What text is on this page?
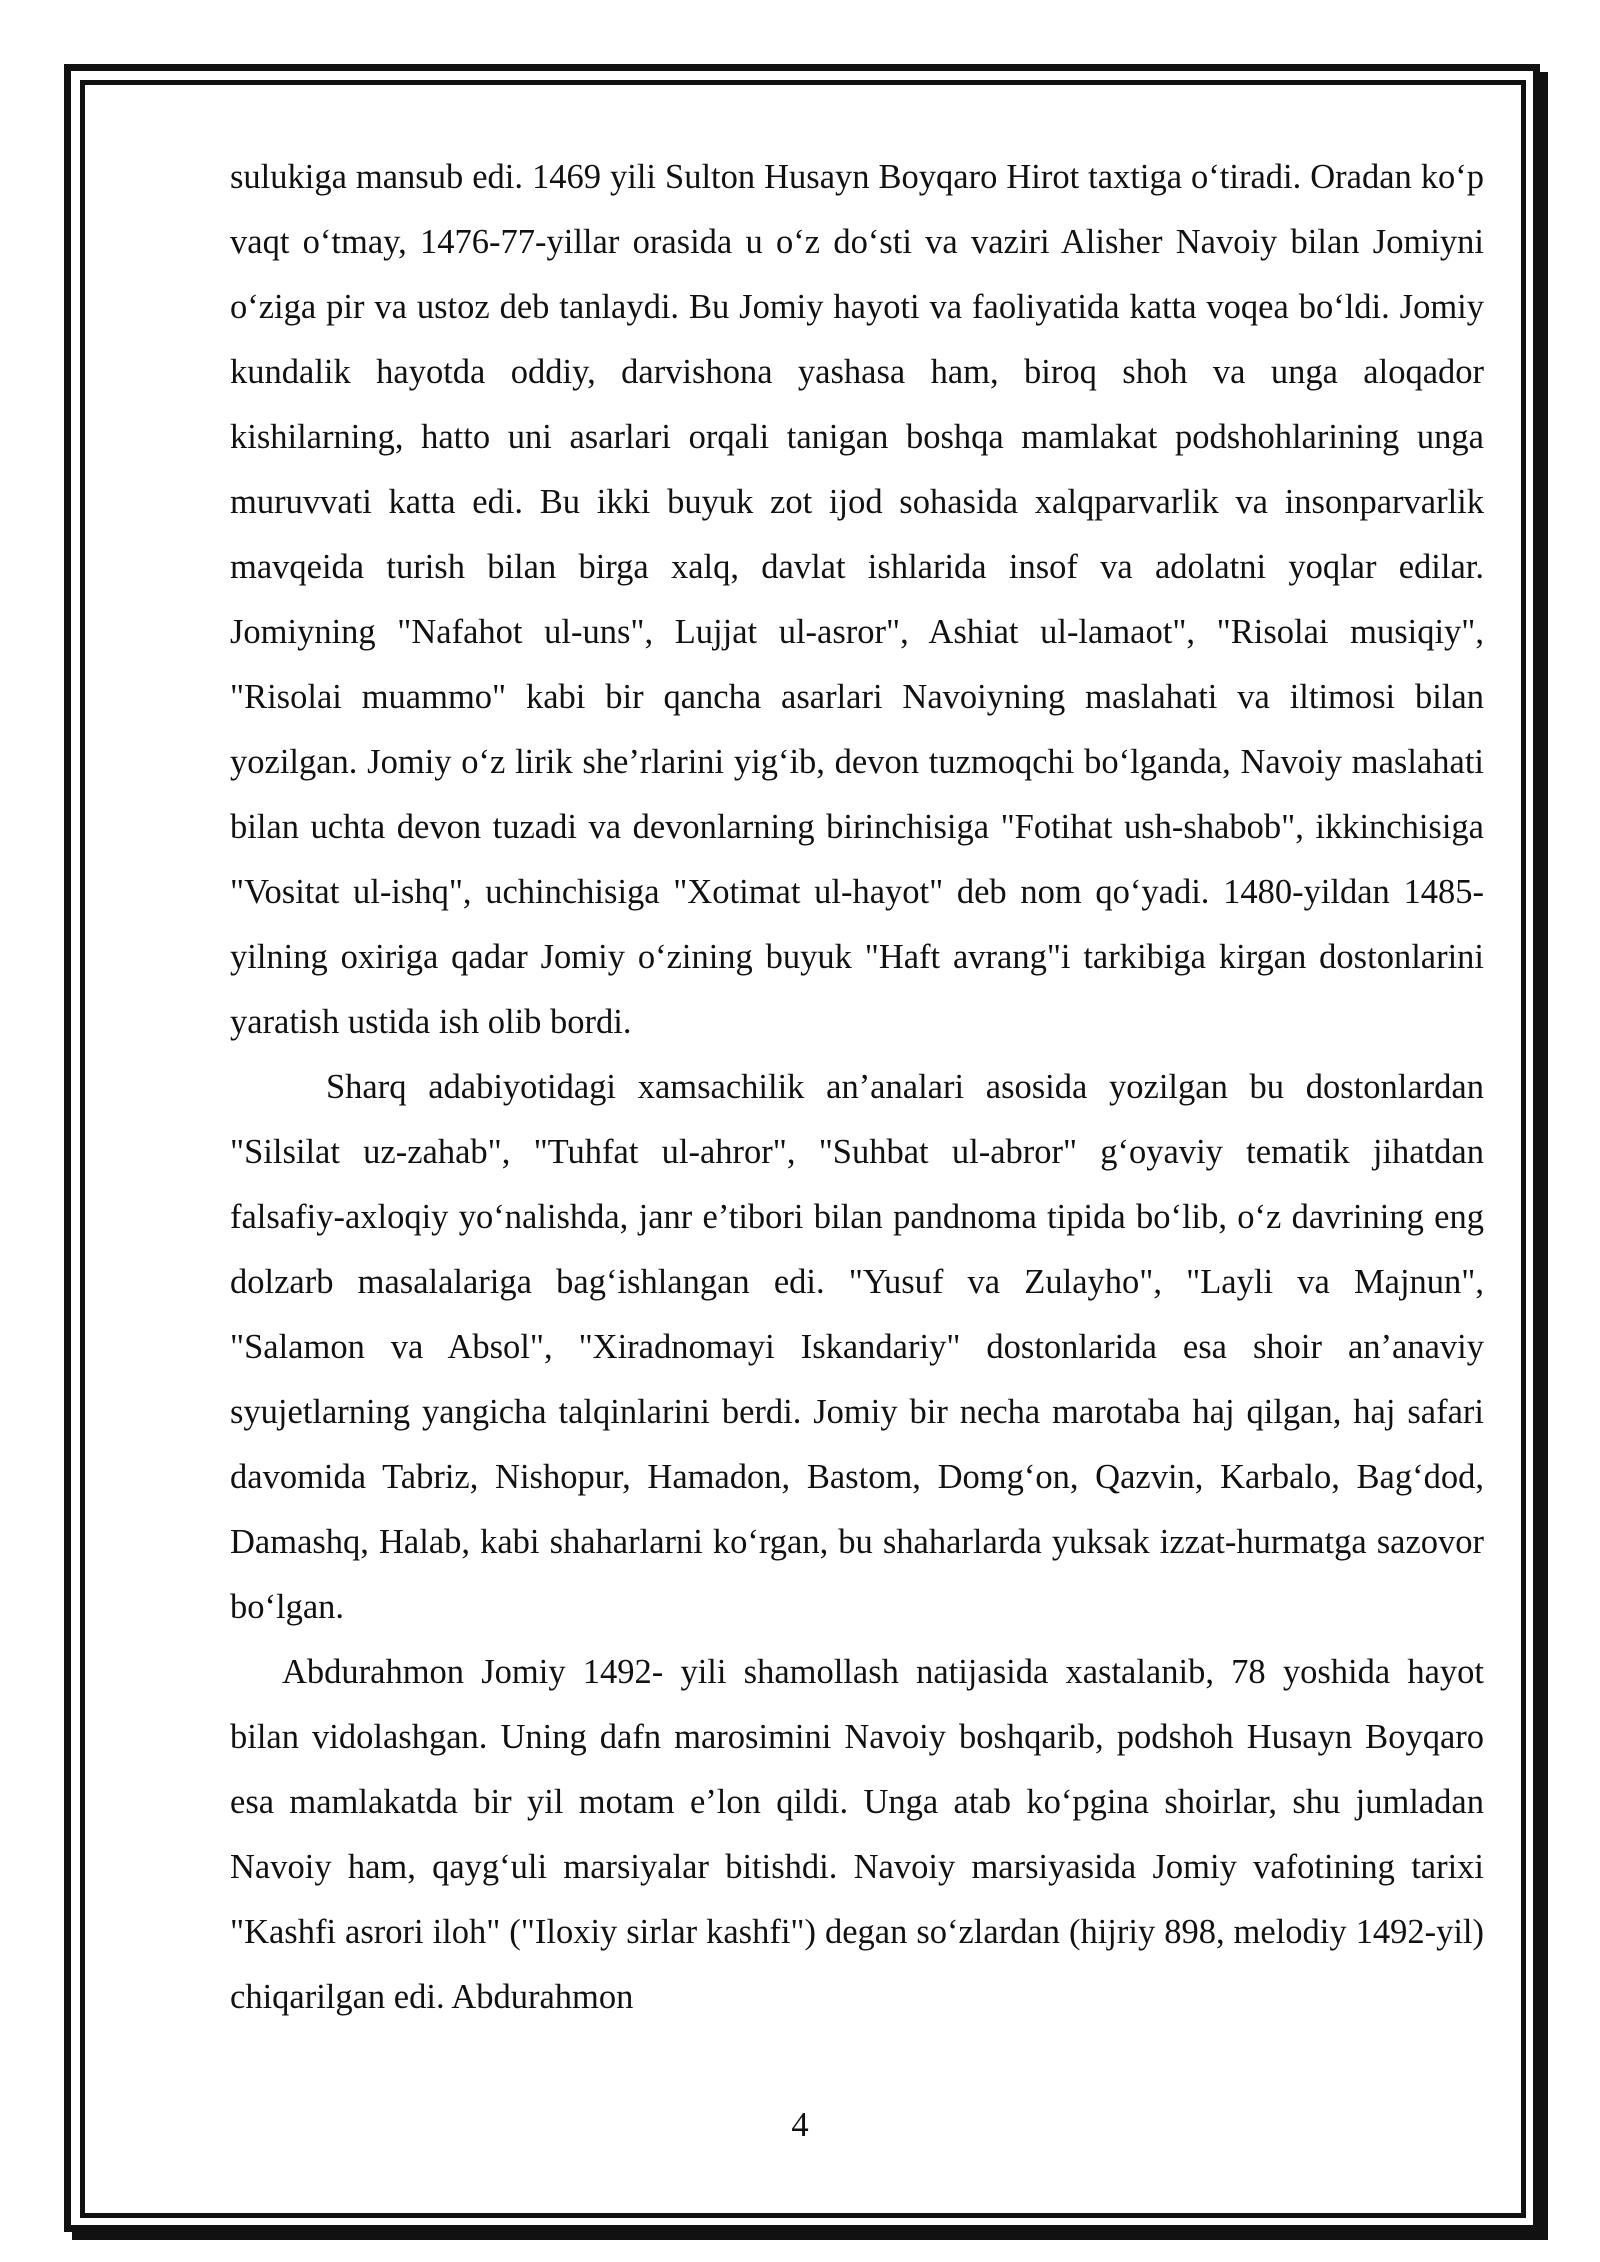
sulukiga mansub edi. 1469 yili Sulton Husayn Boyqaro Hirot taxtiga o‘tiradi. Oradan ko‘p vaqt o‘tmay, 1476-77-yillar orasida u o‘z do‘sti va vaziri Alisher Navoiy bilan Jomiyni o‘ziga pir va ustoz deb tanlaydi. Bu Jomiy hayoti va faoliyatida katta voqea bo‘ldi. Jomiy kundalik hayotda oddiy, darvishona yashasa ham, biroq shoh va unga aloqador kishilarning, hatto uni asarlari orqali tanigan boshqa mamlakat podshohlarining unga muruvvati katta edi. Bu ikki buyuk zot ijod sohasida xalqparvarlik va insonparvarlik mavqeida turish bilan birga xalq, davlat ishlarida insof va adolatni yoqlar edilar. Jomiyning "Nafahot ul-uns", Lujjat ul-asror", Ashiat ul-lamaot", "Risolai musiqiy", "Risolai muammo" kabi bir qancha asarlari Navoiyning maslahati va iltimosi bilan yozilgan. Jomiy o‘z lirik she’rlarini yig‘ib, devon tuzmoqchi bo‘lganda, Navoiy maslahati bilan uchta devon tuzadi va devonlarning birinchisiga "Fotihat ush-shabob", ikkinchisiga "Vositat ul-ishq", uchinchisiga "Xotimat ul-hayot" deb nom qo‘yadi. 1480-yildan 1485-yilning oxiriga qadar Jomiy o‘zining buyuk "Haft avrang"i tarkibiga kirgan dostonlarini yaratish ustida ish olib bordi.

Sharq adabiyotidagi xamsachilik an’analari asosida yozilgan bu dostonlardan "Silsilat uz-zahab", "Tuhfat ul-ahror", "Suhbat ul-abror" g‘oyaviy tematik jihatdan falsafiy-axloqiy yo‘nalishda, janr e’tibori bilan pandnoma tipida bo‘lib, o‘z davrining eng dolzarb masalalariga bag‘ishlangan edi. "Yusuf va Zulayho", "Layli va Majnun", "Salamon va Absol", "Xiradnomayi Iskandariy" dostonlarida esa shoir an’anaviy syujetlarning yangicha talqinlarini berdi. Jomiy bir necha marotaba haj qilgan, haj safari davomida Tabriz, Nishopur, Hamadon, Bastom, Domg‘on, Qazvin, Karbalo, Bag‘dod, Damashq, Halab, kabi shaharlarni ko‘rgan, bu shaharlarda yuksak izzat-hurmatga sazovor bo‘lgan.

Abdurahmon Jomiy 1492- yili shamollash natijasida xastalanib, 78 yoshida hayot bilan vidolashgan. Uning dafn marosimini Navoiy boshqarib, podshoh Husayn Boyqaro esa mamlakatda bir yil motam e’lon qildi. Unga atab ko‘pgina shoirlar, shu jumladan Navoiy ham, qayg‘uli marsiyalar bitishdi. Navoiy marsiyasida Jomiy vafotining tarixi "Kashfi asrori iloh" ("Iloxiy sirlar kashfi") degan so‘zlardan (hijriy 898, melodiy 1492-yil) chiqarilgan edi. Abdurahmon

4
